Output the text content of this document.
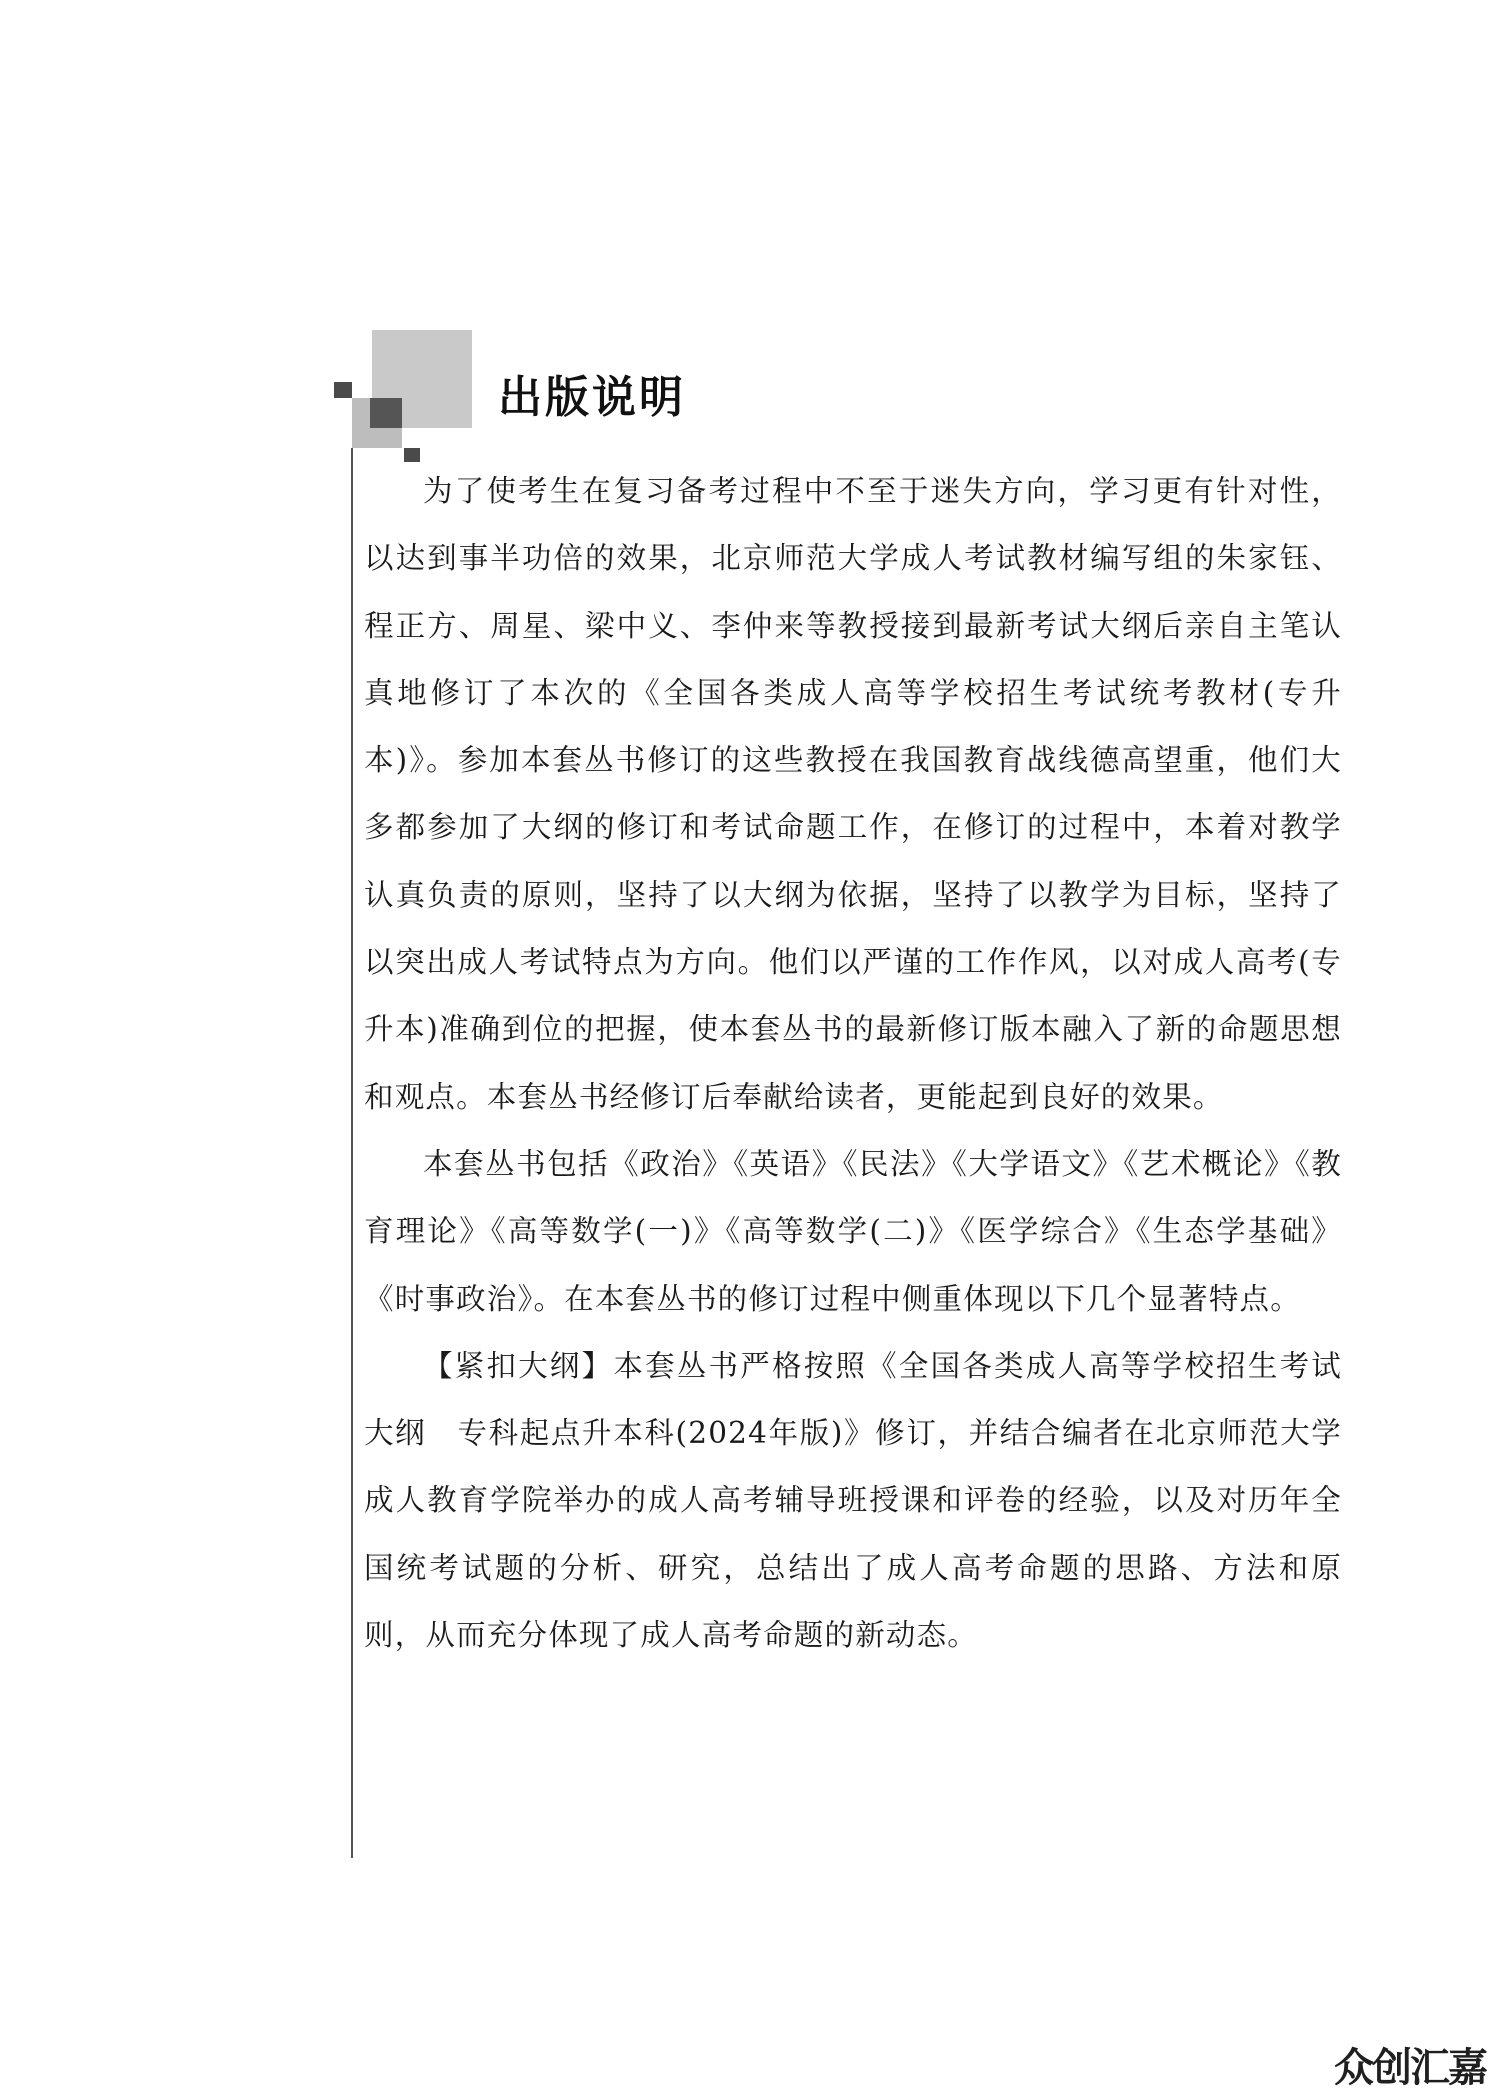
出版说明

为了使考生在复习备考过程中不至于迷失方向，学习更有针对性，以达到事半功倍的效果，北京师范大学成人考试教材编写组的朱家钰、程正方、周星、梁中义、李仲来等教授接到最新考试大纲后亲自主笔认真地修订了本次的《全国各类成人高等学校招生考试统考教材(专升本)》。参加本套丛书修订的这些教授在我国教育战线德高望重，他们大多都参加了大纲的修订和考试命题工作，在修订的过程中，本着对教学认真负责的原则，坚持了以大纲为依据，坚持了以教学为目标，坚持了以突出成人考试特点为方向。他们以严谨的工作作风，以对成人高考(专升本)准确到位的把握，使本套丛书的最新修订版本融入了新的命题思想和观点。本套丛书经修订后奉献给读者，更能起到良好的效果。

本套丛书包括《政治》《英语》《民法》《大学语文》《艺术概论》《教育理论》《高等数学(一)》《高等数学(二)》《医学综合》《生态学基础》《时事政治》。在本套丛书的修订过程中侧重体现以下几个显著特点。

【紧扣大纲】本套丛书严格按照《全国各类成人高等学校招生考试大纲　专科起点升本科(2024年版)》修订，并结合编者在北京师范大学成人教育学院举办的成人高考辅导班授课和评卷的经验，以及对历年全国统考试题的分析、研究，总结出了成人高考命题的思路、方法和原则，从而充分体现了成人高考命题的新动态。

众创汇嘉
